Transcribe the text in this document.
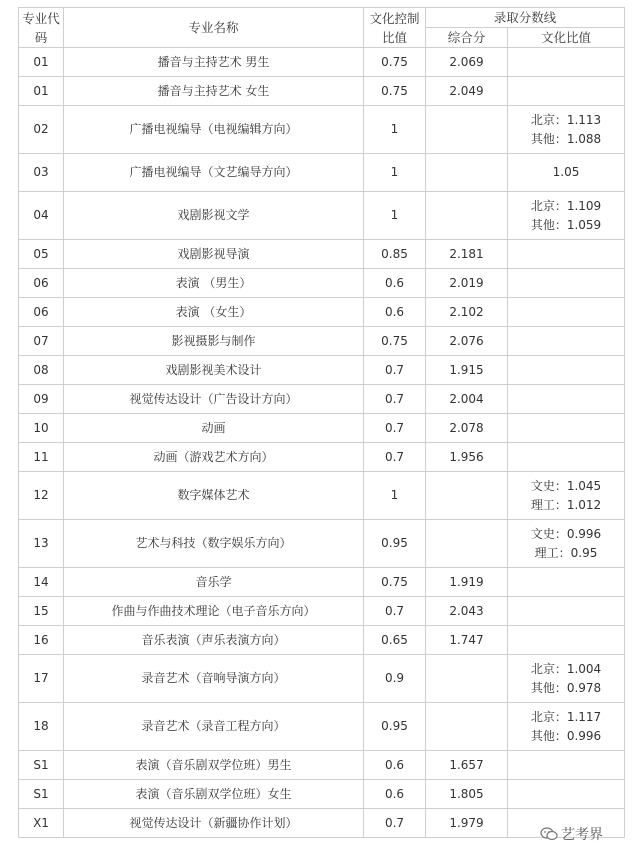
专业代码	专业名称	文化控制比值	录取分数线	
			综合分	文化比值
01	播音与主持艺术 男生	0.75	2.069	
01	播音与主持艺术 女生	0.75	2.049	
02	广播电视编导（电视编辑方向）	1		北京：1.113
其他：1.088

03	广播电视编导（文艺编导方向）	1		1.05

04	戏剧影视文学	1		北京：1.109
其他：1.059

05	戏剧影视导演	0.85	2.181	
06	表演 （男生）	0.6	2.019	
06	表演 （女生）	0.6	2.102	
07	影视摄影与制作	0.75	2.076	
08	戏剧影视美术设计	0.7	1.915	
09	视觉传达设计（广告设计方向）	0.7	2.004	
10	动画	0.7	2.078	
11	动画（游戏艺术方向）	0.7	1.956	
12	数字媒体艺术	1		文史：1.045
理工：1.012

13	艺术与科技（数字娱乐方向）	0.95		文史：0.996
理工：0.95

14	音乐学	0.75	1.919	
15	作曲与作曲技术理论（电子音乐方向）	0.7	2.043	
16	音乐表演（声乐表演方向）	0.65	1.747	
17	录音艺术（音响导演方向）	0.9		北京：1.004
其他：0.978

18	录音艺术（录音工程方向）	0.95		北京：1.117
其他：0.996

S1	表演（音乐剧双学位班）男生	0.6	1.657	
S1	表演（音乐剧双学位班）女生	0.6	1.805	
X1	视觉传达设计（新疆协作计划）	0.7	1.979	
艺考界
